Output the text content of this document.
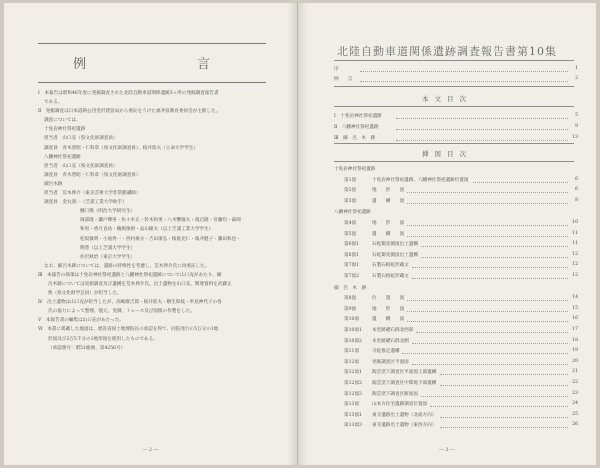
例　　　言
Ⅰ　本報告は昭和46年度に発掘調査された北陸自動車道関係遺跡3ヶ所の発掘調査報告書
である。
Ⅱ　発掘調査は日本道路公団金沢建設局から委託をうけた福井県教育委員会が主催した。
調査については、
十免岩神社祭祀遺跡
担当者　山口充（県文化財調査員）
調査員　青木豊昭・仁科章（県文化財調査員）、桜井陸夫（立命大学学生）
八幡神社祭祀遺跡
担当者　山口充（県文化財調査員）
調査員　青木豊昭・仁科章（県文化財調査員）
細呂木跡
担当者　荒木伸介（東京芸術大学非常勤講師）
調査員　金丸義一（芝浦工業大学助手）
樋口熊（明治大学研究生）
岡部隆・瀬戸輝男・佐々木正・鈴木和男・八木響敏夫・渡辺隆・宮藤均・森岡
和男・香月直祐・鵜飼俊則・品山隆夫（以上芝浦工業大学学生）
松坂敏明・小池秀一・西村俊夫・吉田康弘・桜庭克仁・亀井健子・藤田和也・
関豊（以上芝浦大学学生）
佐沢秋治（東京大学学生）
なお、細呂木跡については、遺跡の特殊性を考慮し、荒木伸介氏に再委託した。
Ⅲ　本報告の執筆は十免岩神社祭祀遺跡と八幡神社祭祀遺跡について山口充があたり、細
呂木跡については実測調査及び遺構を荒木伸介氏、出土遺物を山口充、関連資料を武藤正
典（県文化財学芸員）が担当した。
Ⅳ　出土遺物は山口充が担当したが、高嶋敬吉郎・桜井陸夫・樹生和枝・牟見神代子の各
氏の協力によって整理、復元、実測、トレース及び図版の作製をした。
Ⅴ　本報告書の編集は山口充があたった。
Ⅵ　本書に掲載した地図は、建設省国土地理院長の承認を得て、同院発行の5万分の1地
形図及び2万5千分の1地形図を使用したものである。
（承認番号：昭51総複、第4256号）
— 2 —
北陸自動車道関係遺跡調査報告書第10集
— 3 —
序	1
例　　言	2
本文目次
Ⅰ　十免岩神社祭祀遺跡	5
Ⅱ　八幡神社祭祀遺跡	9
Ⅲ　細　呂　木　跡	13
挿図目次
十免岩神社祭祀遺跡
第1図	十免岩神社祭祀遺跡、八幡神社祭祀遺跡位置図	6
第2図	地　　形　　図	6
第3図	遺　　構　　図	8
八幡神社祭祀遺跡
第4図	地　　形　　図	10
第5図	遺　　構　　図	11
第6図1	石蛇鶏実測図出土遺構	11
第6図1	石蛇鶏実測図出土遺構	12
第7図1	石製石棺蛇形蔵文	12
第7図2	石製石棺蛇形蔵文	12
細　呂　木　跡
第8図	位　　置　　図	14
第9図	地　　形　　図	15
第10図	遺　　構　　図	16
第10図1 本堂跡礎石群北西部	17
第10図2 本堂跡礎石群北側	18
第11図	寺院推定遺構	19
第12図	発掘調査区平面図	20
第12図1 陶芸窯下調査区平面図上部遺構	21
第12図2 陶芸窯下調査区中間地下部遺構	22
第12図3 陶芸窯下調査区断面図	23
第13図	山本方住宅遺跡調査位置図	24
第13図1 東寺遺跡出土遺物（北面方向）	25
第13図3 東寺遺跡出土遺物（東西方向）	26
